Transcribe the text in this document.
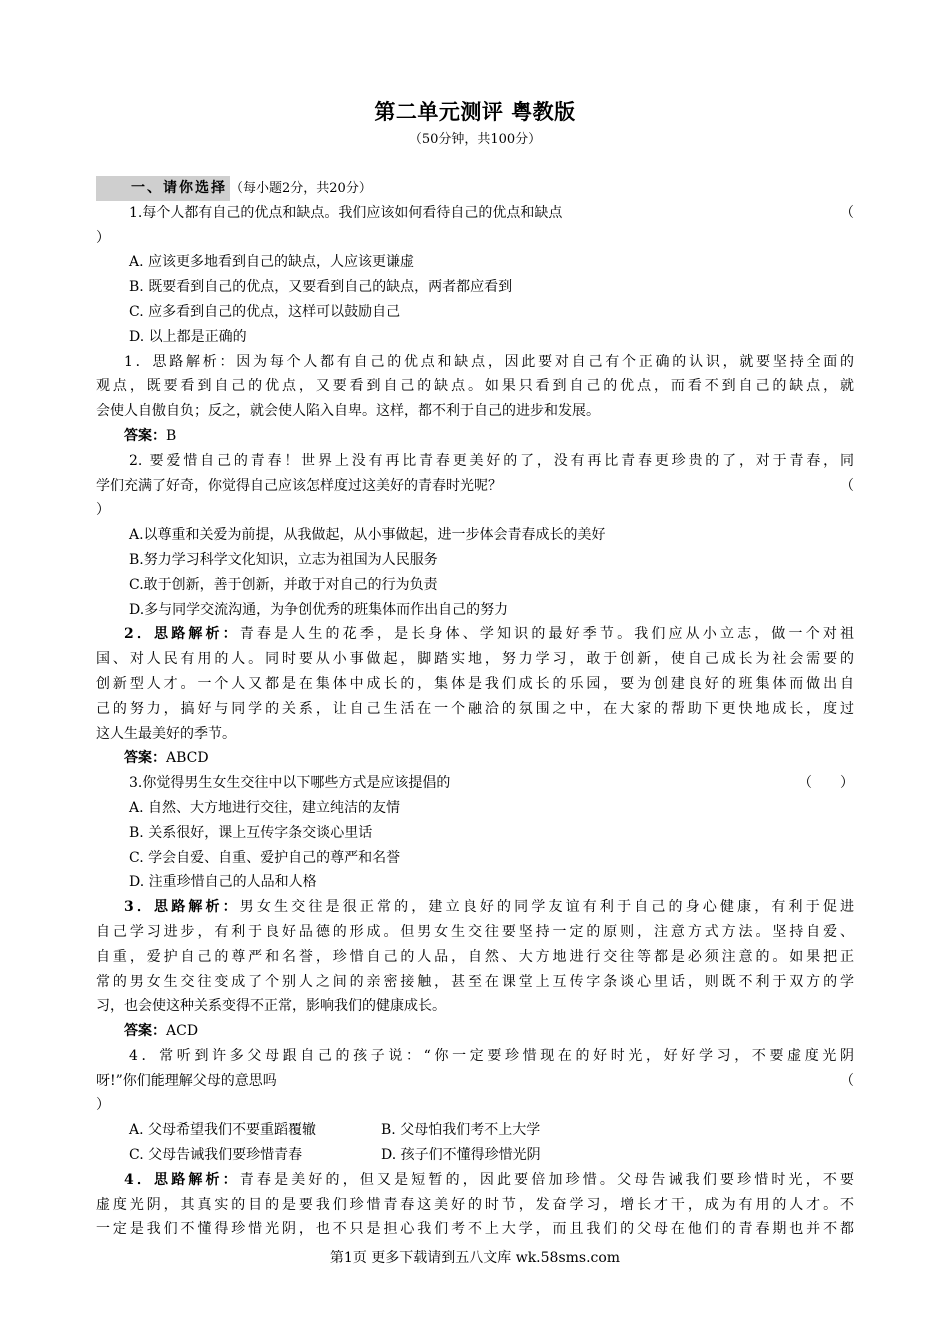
第二单元测评 粤教版
（50分钟，共100分）
一、请你选择 （每小题2分，共20分）
1.每个人都有自己的优点和缺点。我们应该如何看待自己的优点和缺点	（
）
A. 应该更多地看到自己的缺点，人应该更谦虚
B. 既要看到自己的优点，又要看到自己的缺点，两者都应看到
C. 应多看到自己的优点，这样可以鼓励自己
D. 以上都是正确的
1．思路解析：因为每个人都有自己的优点和缺点，因此要对自己有个正确的认识，就要坚持全面的
观点，既要看到自己的优点，又要看到自己的缺点。如果只看到自己的优点，而看不到自己的缺点，就
会使人自傲自负；反之，就会使人陷入自卑。这样，都不利于自己的进步和发展。
答案：B
2. 要爱惜自己的青春！世界上没有再比青春更美好的了，没有再比青春更珍贵的了，对于青春，同
学们充满了好奇，你觉得自己应该怎样度过这美好的青春时光呢？	（
）
A.以尊重和关爱为前提，从我做起，从小事做起，进一步体会青春成长的美好
B.努力学习科学文化知识，立志为祖国为人民服务
C.敢于创新，善于创新，并敢于对自己的行为负责
D.多与同学交流沟通，为争创优秀的班集体而作出自己的努力
2．思路解析：青春是人生的花季，是长身体、学知识的最好季节。我们应从小立志，做一个对祖
国、对人民有用的人。同时要从小事做起，脚踏实地，努力学习，敢于创新，使自己成长为社会需要的
创新型人才。一个人又都是在集体中成长的，集体是我们成长的乐园，要为创建良好的班集体而做出自
己的努力，搞好与同学的关系，让自己生活在一个融洽的氛围之中，在大家的帮助下更快地成长，度过
这人生最美好的季节。
答案：ABCD
3.你觉得男生女生交往中以下哪些方式是应该提倡的	（　　）
A. 自然、大方地进行交往，建立纯洁的友情
B. 关系很好，课上互传字条交谈心里话
C. 学会自爱、自重、爱护自己的尊严和名誉
D. 注重珍惜自己的人品和人格
3．思路解析：男女生交往是很正常的，建立良好的同学友谊有利于自己的身心健康，有利于促进
自己学习进步，有利于良好品德的形成。但男女生交往要坚持一定的原则，注意方式方法。坚持自爱、
自重，爱护自己的尊严和名誉，珍惜自己的人品，自然、大方地进行交往等都是必须注意的。如果把正
常的男女生交往变成了个别人之间的亲密接触，甚至在课堂上互传字条谈心里话，则既不利于双方的学
习，也会使这种关系变得不正常，影响我们的健康成长。
答案：ACD
4．常听到许多父母跟自己的孩子说：“你一定要珍惜现在的好时光，好好学习，不要虚度光阴
呀!”你们能理解父母的意思吗	（
）
A. 父母希望我们不要重蹈覆辙	B. 父母怕我们考不上大学
C. 父母告诫我们要珍惜青春	D. 孩子们不懂得珍惜光阴
4．思路解析：青春是美好的，但又是短暂的，因此要倍加珍惜。父母告诫我们要珍惜时光，不要
虚度光阴，其真实的目的是要我们珍惜青春这美好的时节，发奋学习，增长才干，成为有用的人才。不
一定是我们不懂得珍惜光阴，也不只是担心我们考不上大学，而且我们的父母在他们的青春期也并不都
第1页 更多下载请到五八文库 wk.58sms.com
